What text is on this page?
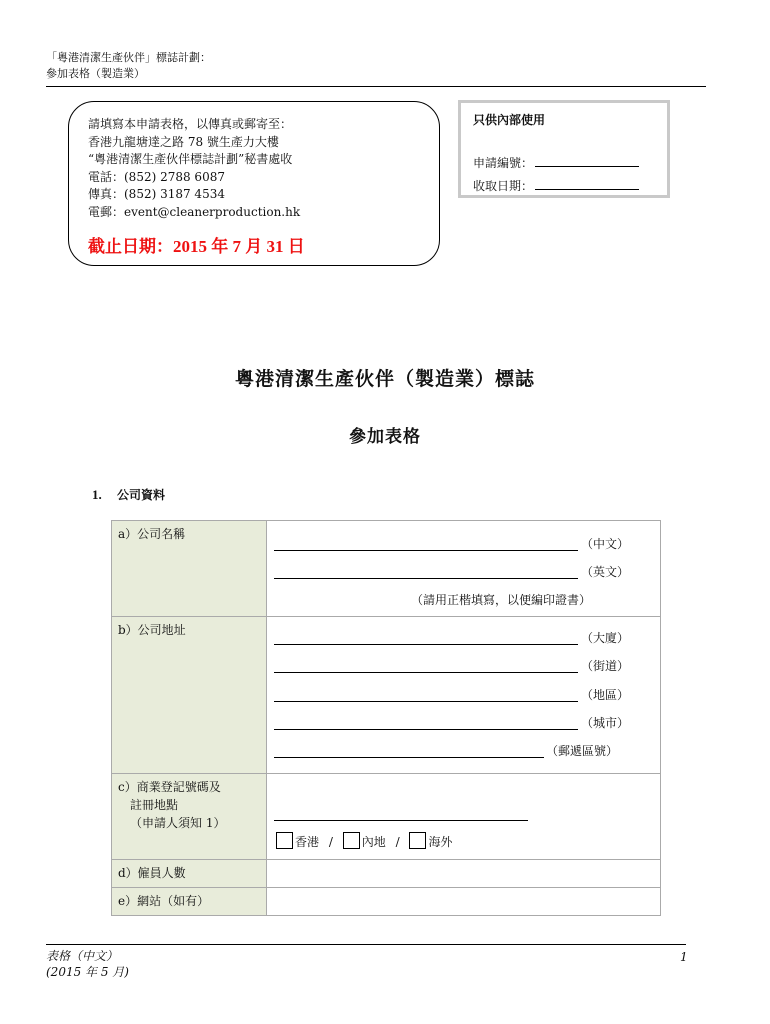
「粵港清潔生產伙伴」標誌計劃：
參加表格（製造業）
請填寫本申請表格，以傳真或郵寄至：
香港九龍塘達之路 78 號生產力大樓
“粵港清潔生產伙伴標誌計劃”秘書處收
電話：(852) 2788 6087
傳真：(852) 3187 4534
電郵：event@cleanerproduction.hk
截止日期：2015 年 7 月 31 日
只供內部使用
申請編號：
收取日期：
粵港清潔生產伙伴（製造業）標誌
參加表格
1. 公司資料
a）公司名稱	（中文）
（英文）
（請用正楷填寫，以便編印證書）

b）公司地址	（大廈）
（街道）
（地區）
（城市）
（郵遞區號）

c）商業登記號碼及
註冊地點
（申請人須知 1）	香港 / 內地 / 海外

d）僱員人數	
e）網站（如有）	
表格（中文）
(2015 年 5 月)
1
